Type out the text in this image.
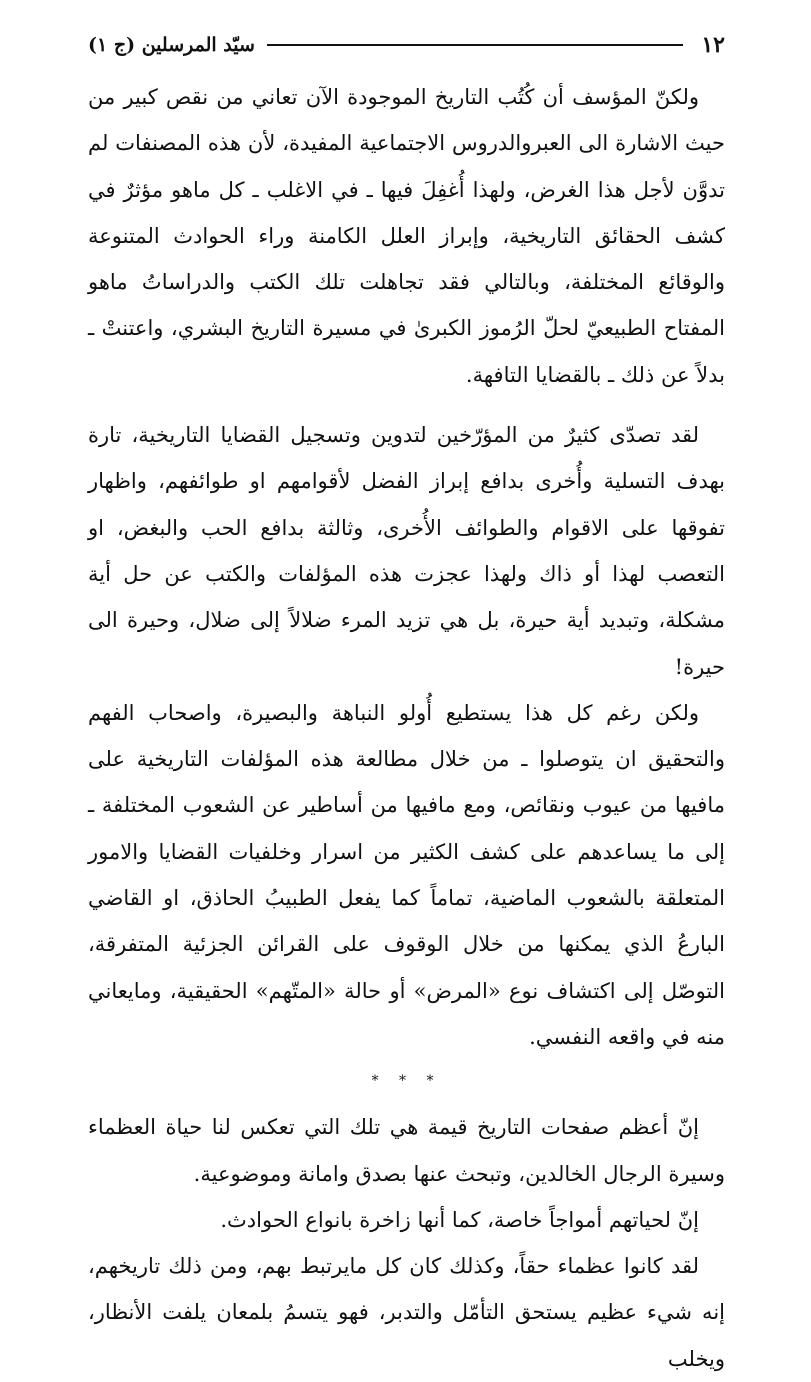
١٢
سيّد المرسلين (ج ١)

ولكنّ المؤسف أن كُتُب التاريخ الموجودة الآن تعاني من نقص كبير من حيث الاشارة الى العبروالدروس الاجتماعية المفيدة، لأن هذه المصنفات لم تدوَّن لأجل هذا الغرض، ولهذا أُغفِلَ فيها ـ في الاغلب ـ كل ماهو مؤثرٌ في كشف الحقائق التاريخية، وإبراز العلل الكامنة وراء الحوادث المتنوعة والوقائع المختلفة، وبالتالي فقد تجاهلت تلك الكتب والدراساتُ ماهو المفتاح الطبيعيّ لحلّ الرُموز الكبرىٰ في مسيرة التاريخ البشري، واعتنتْ ـ بدلاً عن ذلك ـ بالقضايا التافهة.

لقد تصدّى كثيرٌ من المؤرّخين لتدوين وتسجيل القضايا التاريخية، تارة بهدف التسلية وأُخرى بدافع إبراز الفضل لأقوامهم او طوائفهم، واظهار تفوقها على الاقوام والطوائف الأُخرى، وثالثة بدافع الحب والبغض، او التعصب لهذا أو ذاك ولهذا عجزت هذه المؤلفات والكتب عن حل أية مشكلة، وتبديد أية حيرة، بل هي تزيد المرء ضلالاً إلى ضلال، وحيرة الى حيرة!

ولكن رغم كل هذا يستطيع أُولو النباهة والبصيرة، واصحاب الفهم والتحقيق ان يتوصلوا ـ من خلال مطالعة هذه المؤلفات التاريخية على مافيها من عيوب ونقائص، ومع مافيها من أساطير عن الشعوب المختلفة ـ إلى ما يساعدهم على كشف الكثير من اسرار وخلفيات القضايا والامور المتعلقة بالشعوب الماضية، تماماً كما يفعل الطبيبُ الحاذق، او القاضي البارعُ الذي يمكنها من خلال الوقوف على القرائن الجزئية المتفرقة، التوصّل إلى اكتشاف نوع «المرض» أو حالة «المتّهم» الحقيقية، ومايعاني منه في واقعه النفسي.

* * *

إنّ أعظم صفحات التاريخ قيمة هي تلك التي تعكس لنا حياة العظماء وسيرة الرجال الخالدين، وتبحث عنها بصدق وامانة وموضوعية.

إنّ لحياتهم أمواجاً خاصة، كما أنها زاخرة بانواع الحوادث.

لقد كانوا عظماء حقاً، وكذلك كان كل مايرتبط بهم، ومن ذلك تاريخهم، إنه شيء عظيم يستحق التأمّل والتدبر، فهو يتسمُ بلمعان يلفت الأنظار، ويخلب
